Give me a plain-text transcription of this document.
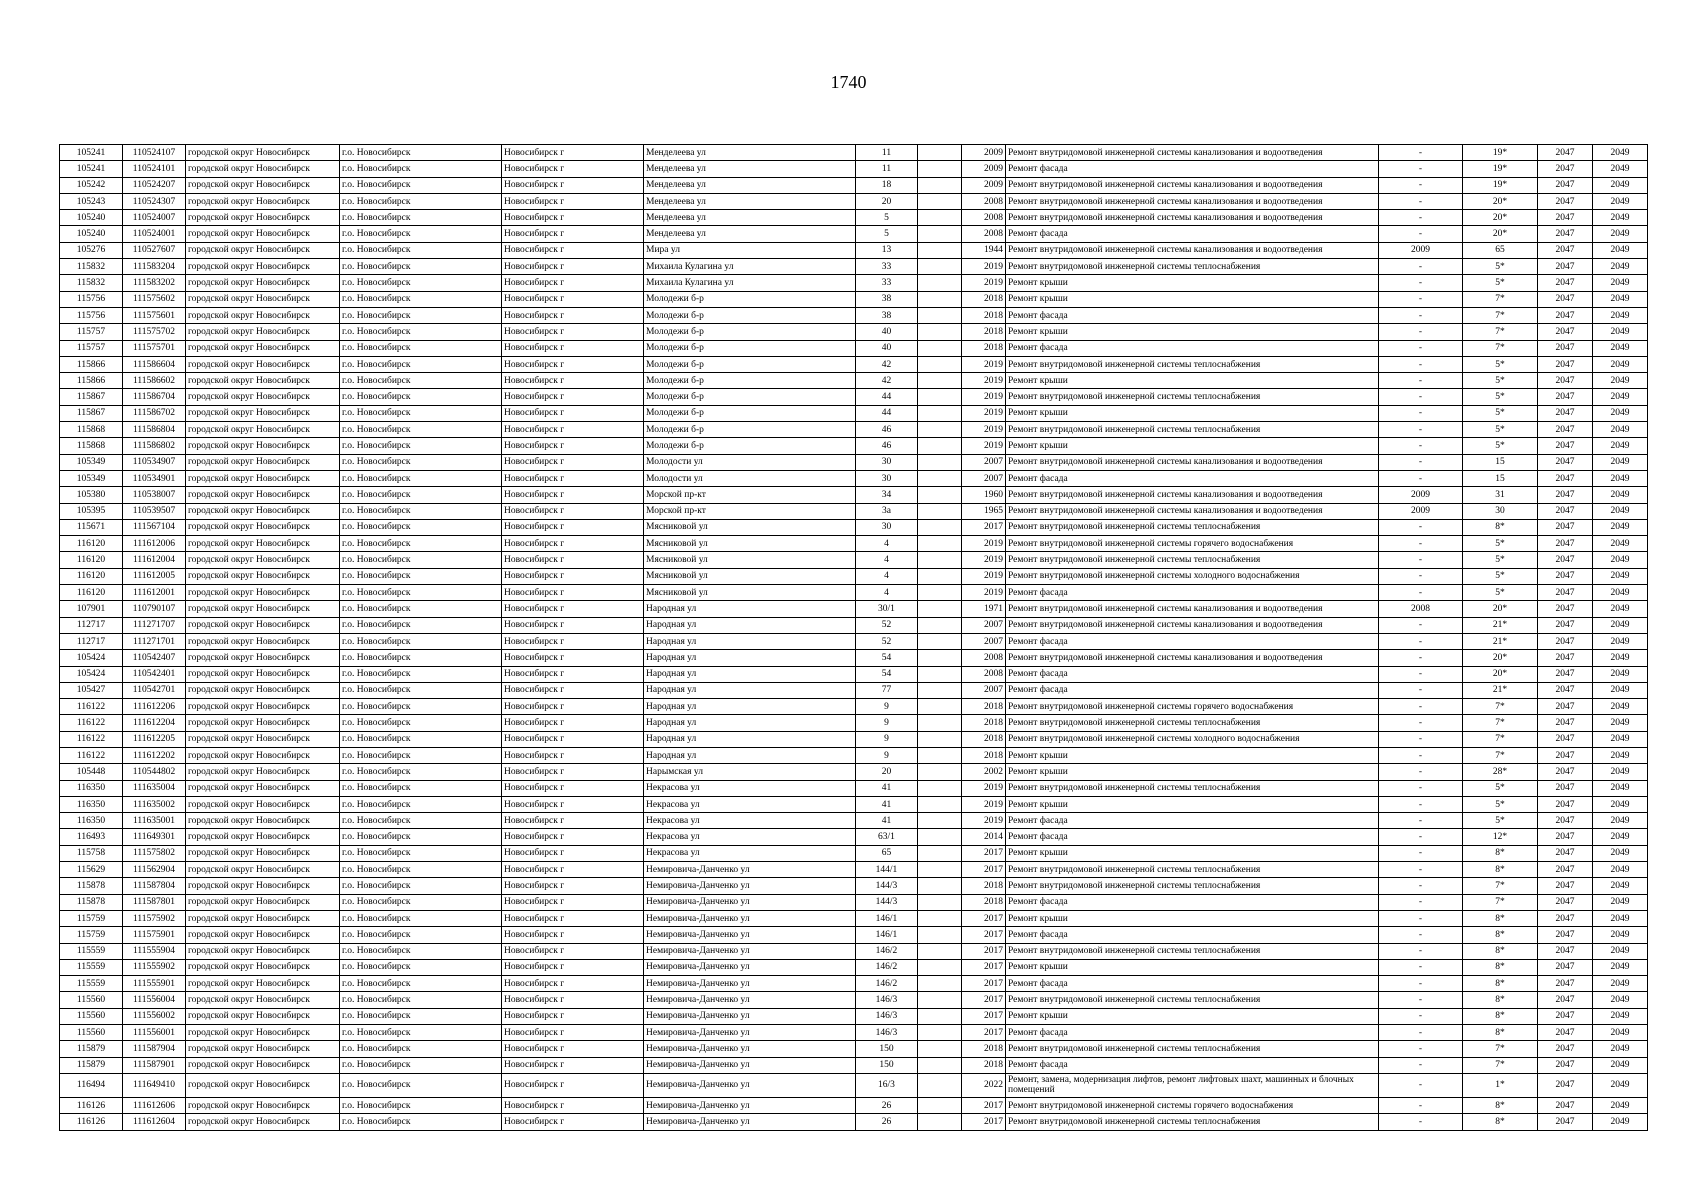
1740
105241	110524107	городской округ Новосибирск	г.о. Новосибирск	Новосибирск г	Менделеева ул	11		2009	Ремонт внутридомовой инженерной системы канализования и водоотведения	-	19*	2047	2049
105241	110524101	городской округ Новосибирск	г.о. Новосибирск	Новосибирск г	Менделеева ул	11		2009	Ремонт фасада	-	19*	2047	2049
105242	110524207	городской округ Новосибирск	г.о. Новосибирск	Новосибирск г	Менделеева ул	18		2009	Ремонт внутридомовой инженерной системы канализования и водоотведения	-	19*	2047	2049
105243	110524307	городской округ Новосибирск	г.о. Новосибирск	Новосибирск г	Менделеева ул	20		2008	Ремонт внутридомовой инженерной системы канализования и водоотведения	-	20*	2047	2049
105240	110524007	городской округ Новосибирск	г.о. Новосибирск	Новосибирск г	Менделеева ул	5		2008	Ремонт внутридомовой инженерной системы канализования и водоотведения	-	20*	2047	2049
105240	110524001	городской округ Новосибирск	г.о. Новосибирск	Новосибирск г	Менделеева ул	5		2008	Ремонт фасада	-	20*	2047	2049
105276	110527607	городской округ Новосибирск	г.о. Новосибирск	Новосибирск г	Мира ул	13		1944	Ремонт внутридомовой инженерной системы канализования и водоотведения	2009	65	2047	2049
115832	111583204	городской округ Новосибирск	г.о. Новосибирск	Новосибирск г	Михаила Кулагина ул	33		2019	Ремонт внутридомовой инженерной системы теплоснабжения	-	5*	2047	2049
115832	111583202	городской округ Новосибирск	г.о. Новосибирск	Новосибирск г	Михаила Кулагина ул	33		2019	Ремонт крыши	-	5*	2047	2049
115756	111575602	городской округ Новосибирск	г.о. Новосибирск	Новосибирск г	Молодежи б-р	38		2018	Ремонт крыши	-	7*	2047	2049
115756	111575601	городской округ Новосибирск	г.о. Новосибирск	Новосибирск г	Молодежи б-р	38		2018	Ремонт фасада	-	7*	2047	2049
115757	111575702	городской округ Новосибирск	г.о. Новосибирск	Новосибирск г	Молодежи б-р	40		2018	Ремонт крыши	-	7*	2047	2049
115757	111575701	городской округ Новосибирск	г.о. Новосибирск	Новосибирск г	Молодежи б-р	40		2018	Ремонт фасада	-	7*	2047	2049
115866	111586604	городской округ Новосибирск	г.о. Новосибирск	Новосибирск г	Молодежи б-р	42		2019	Ремонт внутридомовой инженерной системы теплоснабжения	-	5*	2047	2049
115866	111586602	городской округ Новосибирск	г.о. Новосибирск	Новосибирск г	Молодежи б-р	42		2019	Ремонт крыши	-	5*	2047	2049
115867	111586704	городской округ Новосибирск	г.о. Новосибирск	Новосибирск г	Молодежи б-р	44		2019	Ремонт внутридомовой инженерной системы теплоснабжения	-	5*	2047	2049
115867	111586702	городской округ Новосибирск	г.о. Новосибирск	Новосибирск г	Молодежи б-р	44		2019	Ремонт крыши	-	5*	2047	2049
115868	111586804	городской округ Новосибирск	г.о. Новосибирск	Новосибирск г	Молодежи б-р	46		2019	Ремонт внутридомовой инженерной системы теплоснабжения	-	5*	2047	2049
115868	111586802	городской округ Новосибирск	г.о. Новосибирск	Новосибирск г	Молодежи б-р	46		2019	Ремонт крыши	-	5*	2047	2049
105349	110534907	городской округ Новосибирск	г.о. Новосибирск	Новосибирск г	Молодости ул	30		2007	Ремонт внутридомовой инженерной системы канализования и водоотведения	-	15	2047	2049
105349	110534901	городской округ Новосибирск	г.о. Новосибирск	Новосибирск г	Молодости ул	30		2007	Ремонт фасада	-	15	2047	2049
105380	110538007	городской округ Новосибирск	г.о. Новосибирск	Новосибирск г	Морской пр-кт	34		1960	Ремонт внутридомовой инженерной системы канализования и водоотведения	2009	31	2047	2049
105395	110539507	городской округ Новосибирск	г.о. Новосибирск	Новосибирск г	Морской пр-кт	3а		1965	Ремонт внутридомовой инженерной системы канализования и водоотведения	2009	30	2047	2049
115671	111567104	городской округ Новосибирск	г.о. Новосибирск	Новосибирск г	Мясниковой ул	30		2017	Ремонт внутридомовой инженерной системы теплоснабжения	-	8*	2047	2049
116120	111612006	городской округ Новосибирск	г.о. Новосибирск	Новосибирск г	Мясниковой ул	4		2019	Ремонт внутридомовой инженерной системы горячего водоснабжения	-	5*	2047	2049
116120	111612004	городской округ Новосибирск	г.о. Новосибирск	Новосибирск г	Мясниковой ул	4		2019	Ремонт внутридомовой инженерной системы теплоснабжения	-	5*	2047	2049
116120	111612005	городской округ Новосибирск	г.о. Новосибирск	Новосибирск г	Мясниковой ул	4		2019	Ремонт внутридомовой инженерной системы холодного водоснабжения	-	5*	2047	2049
116120	111612001	городской округ Новосибирск	г.о. Новосибирск	Новосибирск г	Мясниковой ул	4		2019	Ремонт фасада	-	5*	2047	2049
107901	110790107	городской округ Новосибирск	г.о. Новосибирск	Новосибирск г	Народная ул	30/1		1971	Ремонт внутридомовой инженерной системы канализования и водоотведения	2008	20*	2047	2049
112717	111271707	городской округ Новосибирск	г.о. Новосибирск	Новосибирск г	Народная ул	52		2007	Ремонт внутридомовой инженерной системы канализования и водоотведения	-	21*	2047	2049
112717	111271701	городской округ Новосибирск	г.о. Новосибирск	Новосибирск г	Народная ул	52		2007	Ремонт фасада	-	21*	2047	2049
105424	110542407	городской округ Новосибирск	г.о. Новосибирск	Новосибирск г	Народная ул	54		2008	Ремонт внутридомовой инженерной системы канализования и водоотведения	-	20*	2047	2049
105424	110542401	городской округ Новосибирск	г.о. Новосибирск	Новосибирск г	Народная ул	54		2008	Ремонт фасада	-	20*	2047	2049
105427	110542701	городской округ Новосибирск	г.о. Новосибирск	Новосибирск г	Народная ул	77		2007	Ремонт фасада	-	21*	2047	2049
116122	111612206	городской округ Новосибирск	г.о. Новосибирск	Новосибирск г	Народная ул	9		2018	Ремонт внутридомовой инженерной системы горячего водоснабжения	-	7*	2047	2049
116122	111612204	городской округ Новосибирск	г.о. Новосибирск	Новосибирск г	Народная ул	9		2018	Ремонт внутридомовой инженерной системы теплоснабжения	-	7*	2047	2049
116122	111612205	городской округ Новосибирск	г.о. Новосибирск	Новосибирск г	Народная ул	9		2018	Ремонт внутридомовой инженерной системы холодного водоснабжения	-	7*	2047	2049
116122	111612202	городской округ Новосибирск	г.о. Новосибирск	Новосибирск г	Народная ул	9		2018	Ремонт крыши	-	7*	2047	2049
105448	110544802	городской округ Новосибирск	г.о. Новосибирск	Новосибирск г	Нарымская ул	20		2002	Ремонт крыши	-	28*	2047	2049
116350	111635004	городской округ Новосибирск	г.о. Новосибирск	Новосибирск г	Некрасова ул	41		2019	Ремонт внутридомовой инженерной системы теплоснабжения	-	5*	2047	2049
116350	111635002	городской округ Новосибирск	г.о. Новосибирск	Новосибирск г	Некрасова ул	41		2019	Ремонт крыши	-	5*	2047	2049
116350	111635001	городской округ Новосибирск	г.о. Новосибирск	Новосибирск г	Некрасова ул	41		2019	Ремонт фасада	-	5*	2047	2049
116493	111649301	городской округ Новосибирск	г.о. Новосибирск	Новосибирск г	Некрасова ул	63/1		2014	Ремонт фасада	-	12*	2047	2049
115758	111575802	городской округ Новосибирск	г.о. Новосибирск	Новосибирск г	Некрасова ул	65		2017	Ремонт крыши	-	8*	2047	2049
115629	111562904	городской округ Новосибирск	г.о. Новосибирск	Новосибирск г	Немировича-Данченко ул	144/1		2017	Ремонт внутридомовой инженерной системы теплоснабжения	-	8*	2047	2049
115878	111587804	городской округ Новосибирск	г.о. Новосибирск	Новосибирск г	Немировича-Данченко ул	144/3		2018	Ремонт внутридомовой инженерной системы теплоснабжения	-	7*	2047	2049
115878	111587801	городской округ Новосибирск	г.о. Новосибирск	Новосибирск г	Немировича-Данченко ул	144/3		2018	Ремонт фасада	-	7*	2047	2049
115759	111575902	городской округ Новосибирск	г.о. Новосибирск	Новосибирск г	Немировича-Данченко ул	146/1		2017	Ремонт крыши	-	8*	2047	2049
115759	111575901	городской округ Новосибирск	г.о. Новосибирск	Новосибирск г	Немировича-Данченко ул	146/1		2017	Ремонт фасада	-	8*	2047	2049
115559	111555904	городской округ Новосибирск	г.о. Новосибирск	Новосибирск г	Немировича-Данченко ул	146/2		2017	Ремонт внутридомовой инженерной системы теплоснабжения	-	8*	2047	2049
115559	111555902	городской округ Новосибирск	г.о. Новосибирск	Новосибирск г	Немировича-Данченко ул	146/2		2017	Ремонт крыши	-	8*	2047	2049
115559	111555901	городской округ Новосибирск	г.о. Новосибирск	Новосибирск г	Немировича-Данченко ул	146/2		2017	Ремонт фасада	-	8*	2047	2049
115560	111556004	городской округ Новосибирск	г.о. Новосибирск	Новосибирск г	Немировича-Данченко ул	146/3		2017	Ремонт внутридомовой инженерной системы теплоснабжения	-	8*	2047	2049
115560	111556002	городской округ Новосибирск	г.о. Новосибирск	Новосибирск г	Немировича-Данченко ул	146/3		2017	Ремонт крыши	-	8*	2047	2049
115560	111556001	городской округ Новосибирск	г.о. Новосибирск	Новосибирск г	Немировича-Данченко ул	146/3		2017	Ремонт фасада	-	8*	2047	2049
115879	111587904	городской округ Новосибирск	г.о. Новосибирск	Новосибирск г	Немировича-Данченко ул	150		2018	Ремонт внутридомовой инженерной системы теплоснабжения	-	7*	2047	2049
115879	111587901	городской округ Новосибирск	г.о. Новосибирск	Новосибирск г	Немировича-Данченко ул	150		2018	Ремонт фасада	-	7*	2047	2049
116494	111649410	городской округ Новосибирск	г.о. Новосибирск	Новосибирск г	Немировича-Данченко ул	16/3		2022	Ремонт, замена, модернизация лифтов, ремонт лифтовых шахт, машинных и блочных помещений	-	1*	2047	2049
116126	111612606	городской округ Новосибирск	г.о. Новосибирск	Новосибирск г	Немировича-Данченко ул	26		2017	Ремонт внутридомовой инженерной системы горячего водоснабжения	-	8*	2047	2049
116126	111612604	городской округ Новосибирск	г.о. Новосибирск	Новосибирск г	Немировича-Данченко ул	26		2017	Ремонт внутридомовой инженерной системы теплоснабжения	-	8*	2047	2049
